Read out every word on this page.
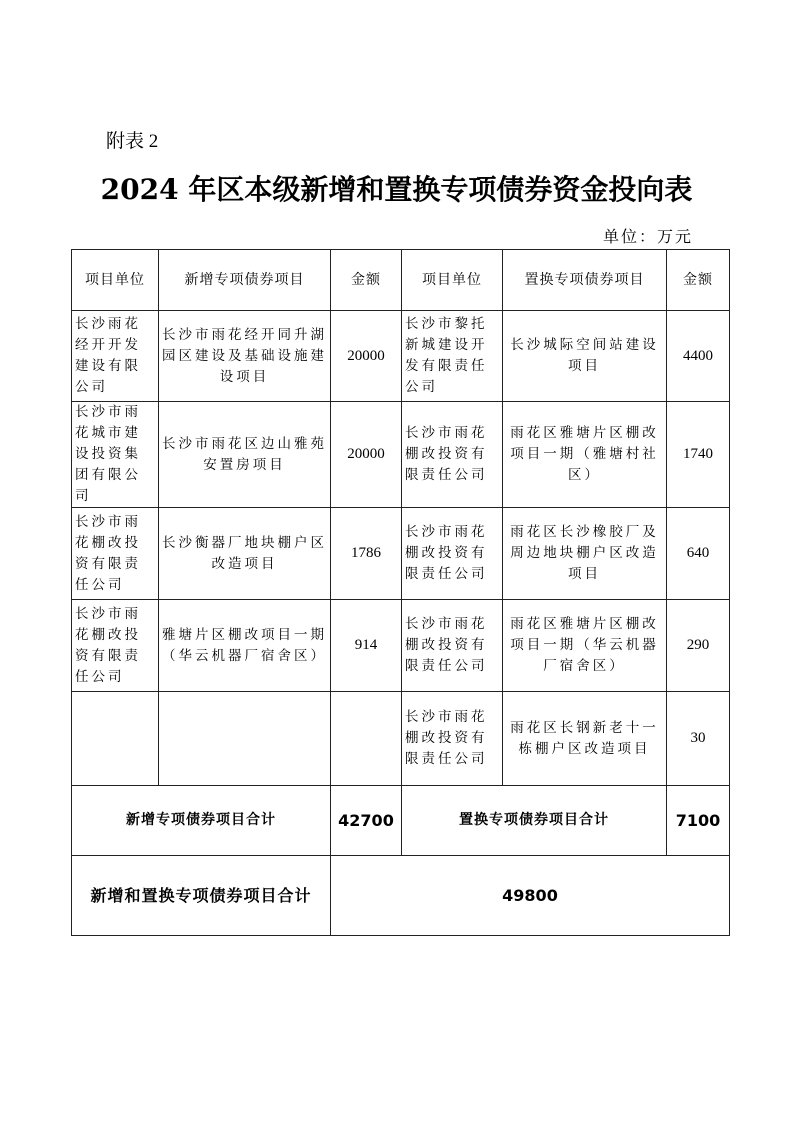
附表 2
2024 年区本级新增和置换专项债券资金投向表
单位：万元
项目单位	新增专项债券项目	金额	项目单位	置换专项债券项目	金额
长沙雨花经开开发建设有限公司	长沙市雨花经开同升湖园区建设及基础设施建设项目	20000	长沙市黎托新城建设开发有限责任公司	长沙城际空间站建设项目	4400
长沙市雨花城市建设投资集团有限公司	长沙市雨花区边山雅苑安置房项目	20000	长沙市雨花棚改投资有限责任公司	雨花区雅塘片区棚改项目一期（雅塘村社区）	1740
长沙市雨花棚改投资有限责任公司	长沙衡器厂地块棚户区改造项目	1786	长沙市雨花棚改投资有限责任公司	雨花区长沙橡胶厂及周边地块棚户区改造项目	640
长沙市雨花棚改投资有限责任公司	雅塘片区棚改项目一期（华云机器厂宿舍区）	914	长沙市雨花棚改投资有限责任公司	雨花区雅塘片区棚改项目一期（华云机器厂宿舍区）	290
			长沙市雨花棚改投资有限责任公司	雨花区长钢新老十一栋棚户区改造项目	30
新增专项债券项目合计		42700	置换专项债券项目合计		7100
新增和置换专项债券项目合计		49800			
